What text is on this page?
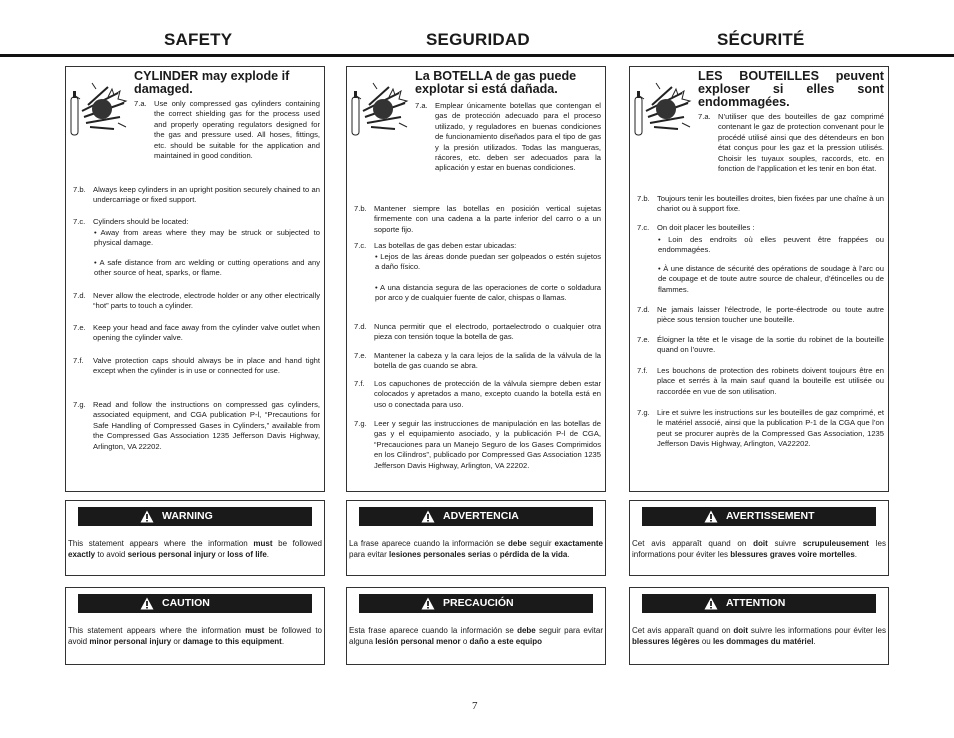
SAFETY	SEGURIDAD	SÉCURITÉ
CYLINDER may explode if damaged.
7.a. Use only compressed gas cylinders containing the correct shielding gas for the process used and properly operating regulators designed for the gas and pressure used. All hoses, fittings, etc. should be suitable for the application and maintained in good condition.
7.b. Always keep cylinders in an upright position securely chained to an undercarriage or fixed support.
7.c. Cylinders should be located:
• Away from areas where they may be struck or subjected to physical damage.
• A safe distance from arc welding or cutting operations and any other source of heat, sparks, or flame.
7.d. Never allow the electrode, electrode holder or any other electrically “hot” parts to touch a cylinder.
7.e. Keep your head and face away from the cylinder valve outlet when opening the cylinder valve.
7.f. Valve protection caps should always be in place and hand tight except when the cylinder is in use or connected for use.
7.g. Read and follow the instructions on compressed gas cylinders, associated equipment, and CGA publication P-l, “Precautions for Safe Handling of Compressed Gases in Cylinders,” available from the Compressed Gas Association 1235 Jefferson Davis Highway, Arlington, VA 22202.
WARNING
This statement appears where the information must be followed exactly to avoid serious personal injury or loss of life.
CAUTION
This statement appears where the information must be followed to avoid minor personal injury or damage to this equipment.
La BOTELLA de gas puede explotar si está dañada.
7.a. Emplear únicamente botellas que contengan el gas de protección adecuado para el proceso utilizado, y reguladores en buenas condiciones de funcionamiento diseñados para el tipo de gas y la presión utilizados. Todas las mangueras, rácores, etc. deben ser adecuados para la aplicación y estar en buenas condiciones.
7.b. Mantener siempre las botellas en posición vertical sujetas firmemente con una cadena a la parte inferior del carro o a un soporte fijo.
7.c. Las botellas de gas deben estar ubicadas:
• Lejos de las áreas donde puedan ser golpeados o estén sujetos a daño físico.
• A una distancia segura de las operaciones de corte o soldadura por arco y de cualquier fuente de calor, chispas o llamas.
7.d. Nunca permitir que el electrodo, portaelectrodo o cualquier otra pieza con tensión toque la botella de gas.
7.e. Mantener la cabeza y la cara lejos de la salida de la válvula de la botella de gas cuando se abra.
7.f. Los capuchones de protección de la válvula siempre deben estar colocados y apretados a mano, excepto cuando la botella está en uso o conectada para uso.
7.g. Leer y seguir las instrucciones de manipulación en las botellas de gas y el equipamiento asociado, y la publicación P-l de CGA, “Precauciones para un Manejo Seguro de los Gases Comprimidos en los Cilindros”, publicado por Compressed Gas Association 1235 Jefferson Davis Highway, Arlington, VA 22202.
ADVERTENCIA
La frase aparece cuando la información se debe seguir exactamente para evitar lesiones personales serias o pérdida de la vida.
PRECAUCIÓN
Esta frase aparece cuando la información se debe seguir para evitar alguna lesión personal menor o daño a este equipo
LES BOUTEILLES peuvent exploser si elles sont endommagées.
7.a. N’utiliser que des bouteilles de gaz comprimé contenant le gaz de protection convenant pour le procédé utilisé ainsi que des détendeurs en bon état conçus pour les gaz et la pression utilisés. Choisir les tuyaux souples, raccords, etc. en fonction de l’application et les tenir en bon état.
7.b. Toujours tenir les bouteilles droites, bien fixées par une chaîne à un chariot ou à support fixe.
7.c. On doit placer les bouteilles :
• Loin des endroits où elles peuvent être frappées ou endommagées.
• À une distance de sécurité des opérations de soudage à l’arc ou de coupage et de toute autre source de chaleur, d’étincelles ou de flammes.
7.d. Ne jamais laisser l’électrode, le porte-électrode ou toute autre pièce sous tension toucher une bouteille.
7.e. Éloigner la tête et le visage de la sortie du robinet de la bouteille quand on l’ouvre.
7.f. Les bouchons de protection des robinets doivent toujours être en place et serrés à la main sauf quand la bouteille est utilisée ou raccordée en vue de son utilisation.
7.g. Lire et suivre les instructions sur les bouteilles de gaz comprimé, et le matériel associé, ainsi que la publication P-1 de la CGA que l’on peut se procurer auprès de la Compressed Gas Association, 1235 Jefferson Davis Highway, Arlington, VA22202.
AVERTISSEMENT
Cet avis apparaît quand on doit suivre scrupuleusement les informations pour éviter les blessures graves voire mortelles.
ATTENTION
Cet avis apparaît quand on doit suivre les informations pour éviter les blessures légères ou les dommages du matériel.
7
